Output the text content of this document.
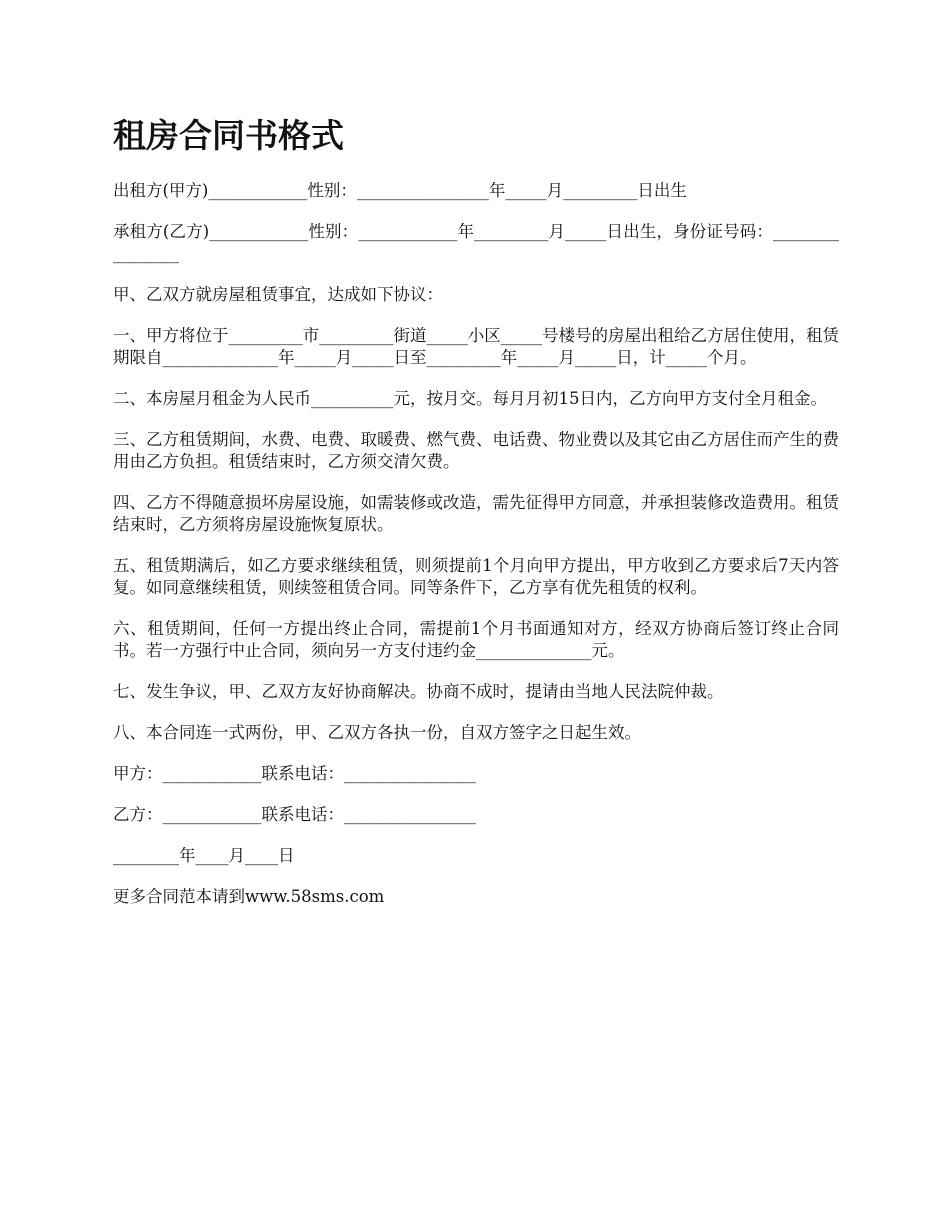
租房合同书格式

出租方(甲方)____________性别：________________年_____月_________日出生

承租方(乙方)____________性别：____________年_________月_____日出生，身份证号码：________________

甲、乙双方就房屋租赁事宜，达成如下协议：

一、甲方将位于_________市_________街道_____小区_____号楼号的房屋出租给乙方居住使用，租赁期限自______________年_____月_____日至_________年_____月_____日，计_____个月。

二、本房屋月租金为人民币__________元，按月交。每月月初15日内，乙方向甲方支付全月租金。

三、乙方租赁期间，水费、电费、取暖费、燃气费、电话费、物业费以及其它由乙方居住而产生的费用由乙方负担。租赁结束时，乙方须交清欠费。

四、乙方不得随意损坏房屋设施，如需装修或改造，需先征得甲方同意，并承担装修改造费用。租赁结束时，乙方须将房屋设施恢复原状。

五、租赁期满后，如乙方要求继续租赁，则须提前1个月向甲方提出，甲方收到乙方要求后7天内答复。如同意继续租赁，则续签租赁合同。同等条件下，乙方享有优先租赁的权利。

六、租赁期间，任何一方提出终止合同，需提前1个月书面通知对方，经双方协商后签订终止合同书。若一方强行中止合同，须向另一方支付违约金______________元。

七、发生争议，甲、乙双方友好协商解决。协商不成时，提请由当地人民法院仲裁。

八、本合同连一式两份，甲、乙双方各执一份，自双方签字之日起生效。

甲方：____________联系电话：________________

乙方：____________联系电话：________________

________年____月____日

更多合同范本请到www.58sms.com
